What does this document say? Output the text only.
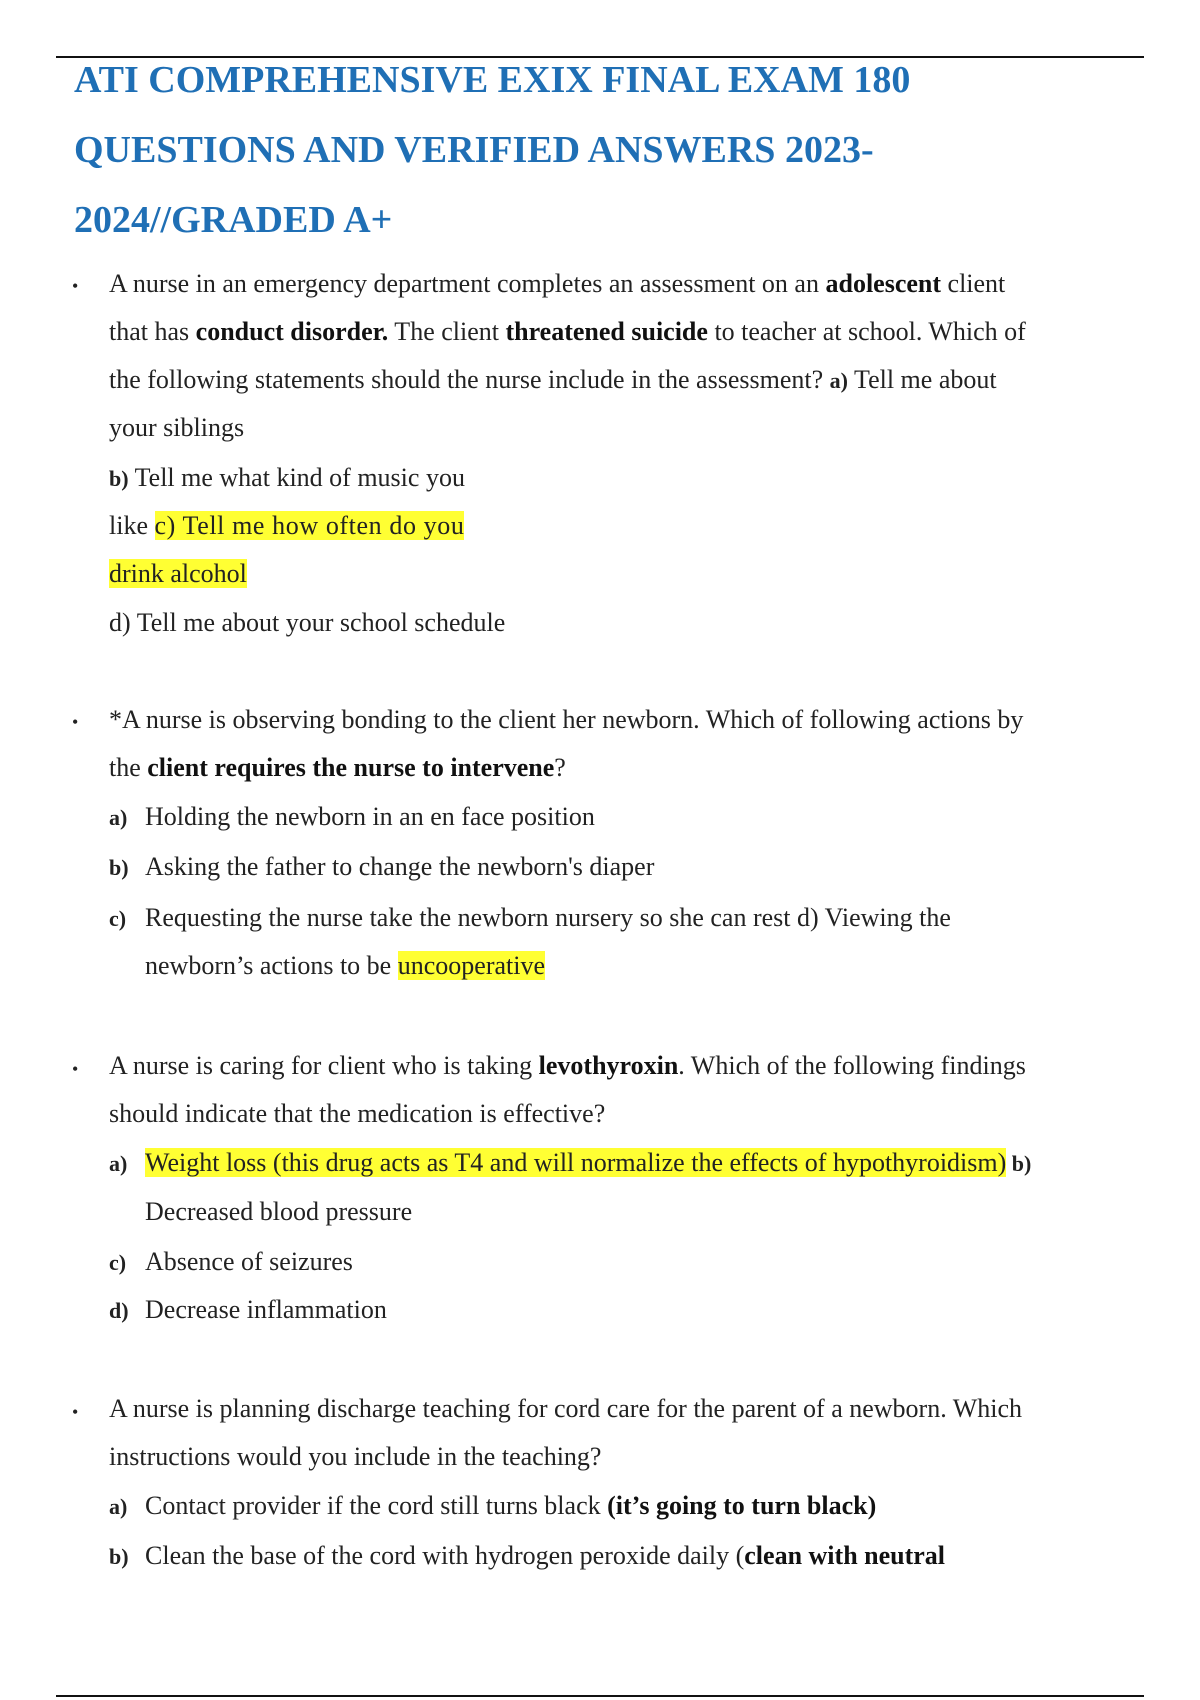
ATI COMPREHENSIVE EXIX FINAL EXAM 180
QUESTIONS AND VERIFIED ANSWERS 2023-
2024//GRADED A+
• A nurse in an emergency department completes an assessment on an adolescent client
that has conduct disorder. The client threatened suicide to teacher at school. Which of
the following statements should the nurse include in the assessment? a) Tell me about
your siblings
b) Tell me what kind of music you
like c) Tell me how often do you
drink alcohol
d) Tell me about your school schedule
• *A nurse is observing bonding to the client her newborn. Which of following actions by
the client requires the nurse to intervene?
a) Holding the newborn in an en face position
b) Asking the father to change the newborn's diaper
c) Requesting the nurse take the newborn nursery so she can rest d) Viewing the
newborn’s actions to be uncooperative
• A nurse is caring for client who is taking levothyroxin. Which of the following findings
should indicate that the medication is effective?
a) Weight loss (this drug acts as T4 and will normalize the effects of hypothyroidism) b)
Decreased blood pressure
c) Absence of seizures
d) Decrease inflammation
• A nurse is planning discharge teaching for cord care for the parent of a newborn. Which
instructions would you include in the teaching?
a) Contact provider if the cord still turns black (it’s going to turn black)
b) Clean the base of the cord with hydrogen peroxide daily (clean with neutral
